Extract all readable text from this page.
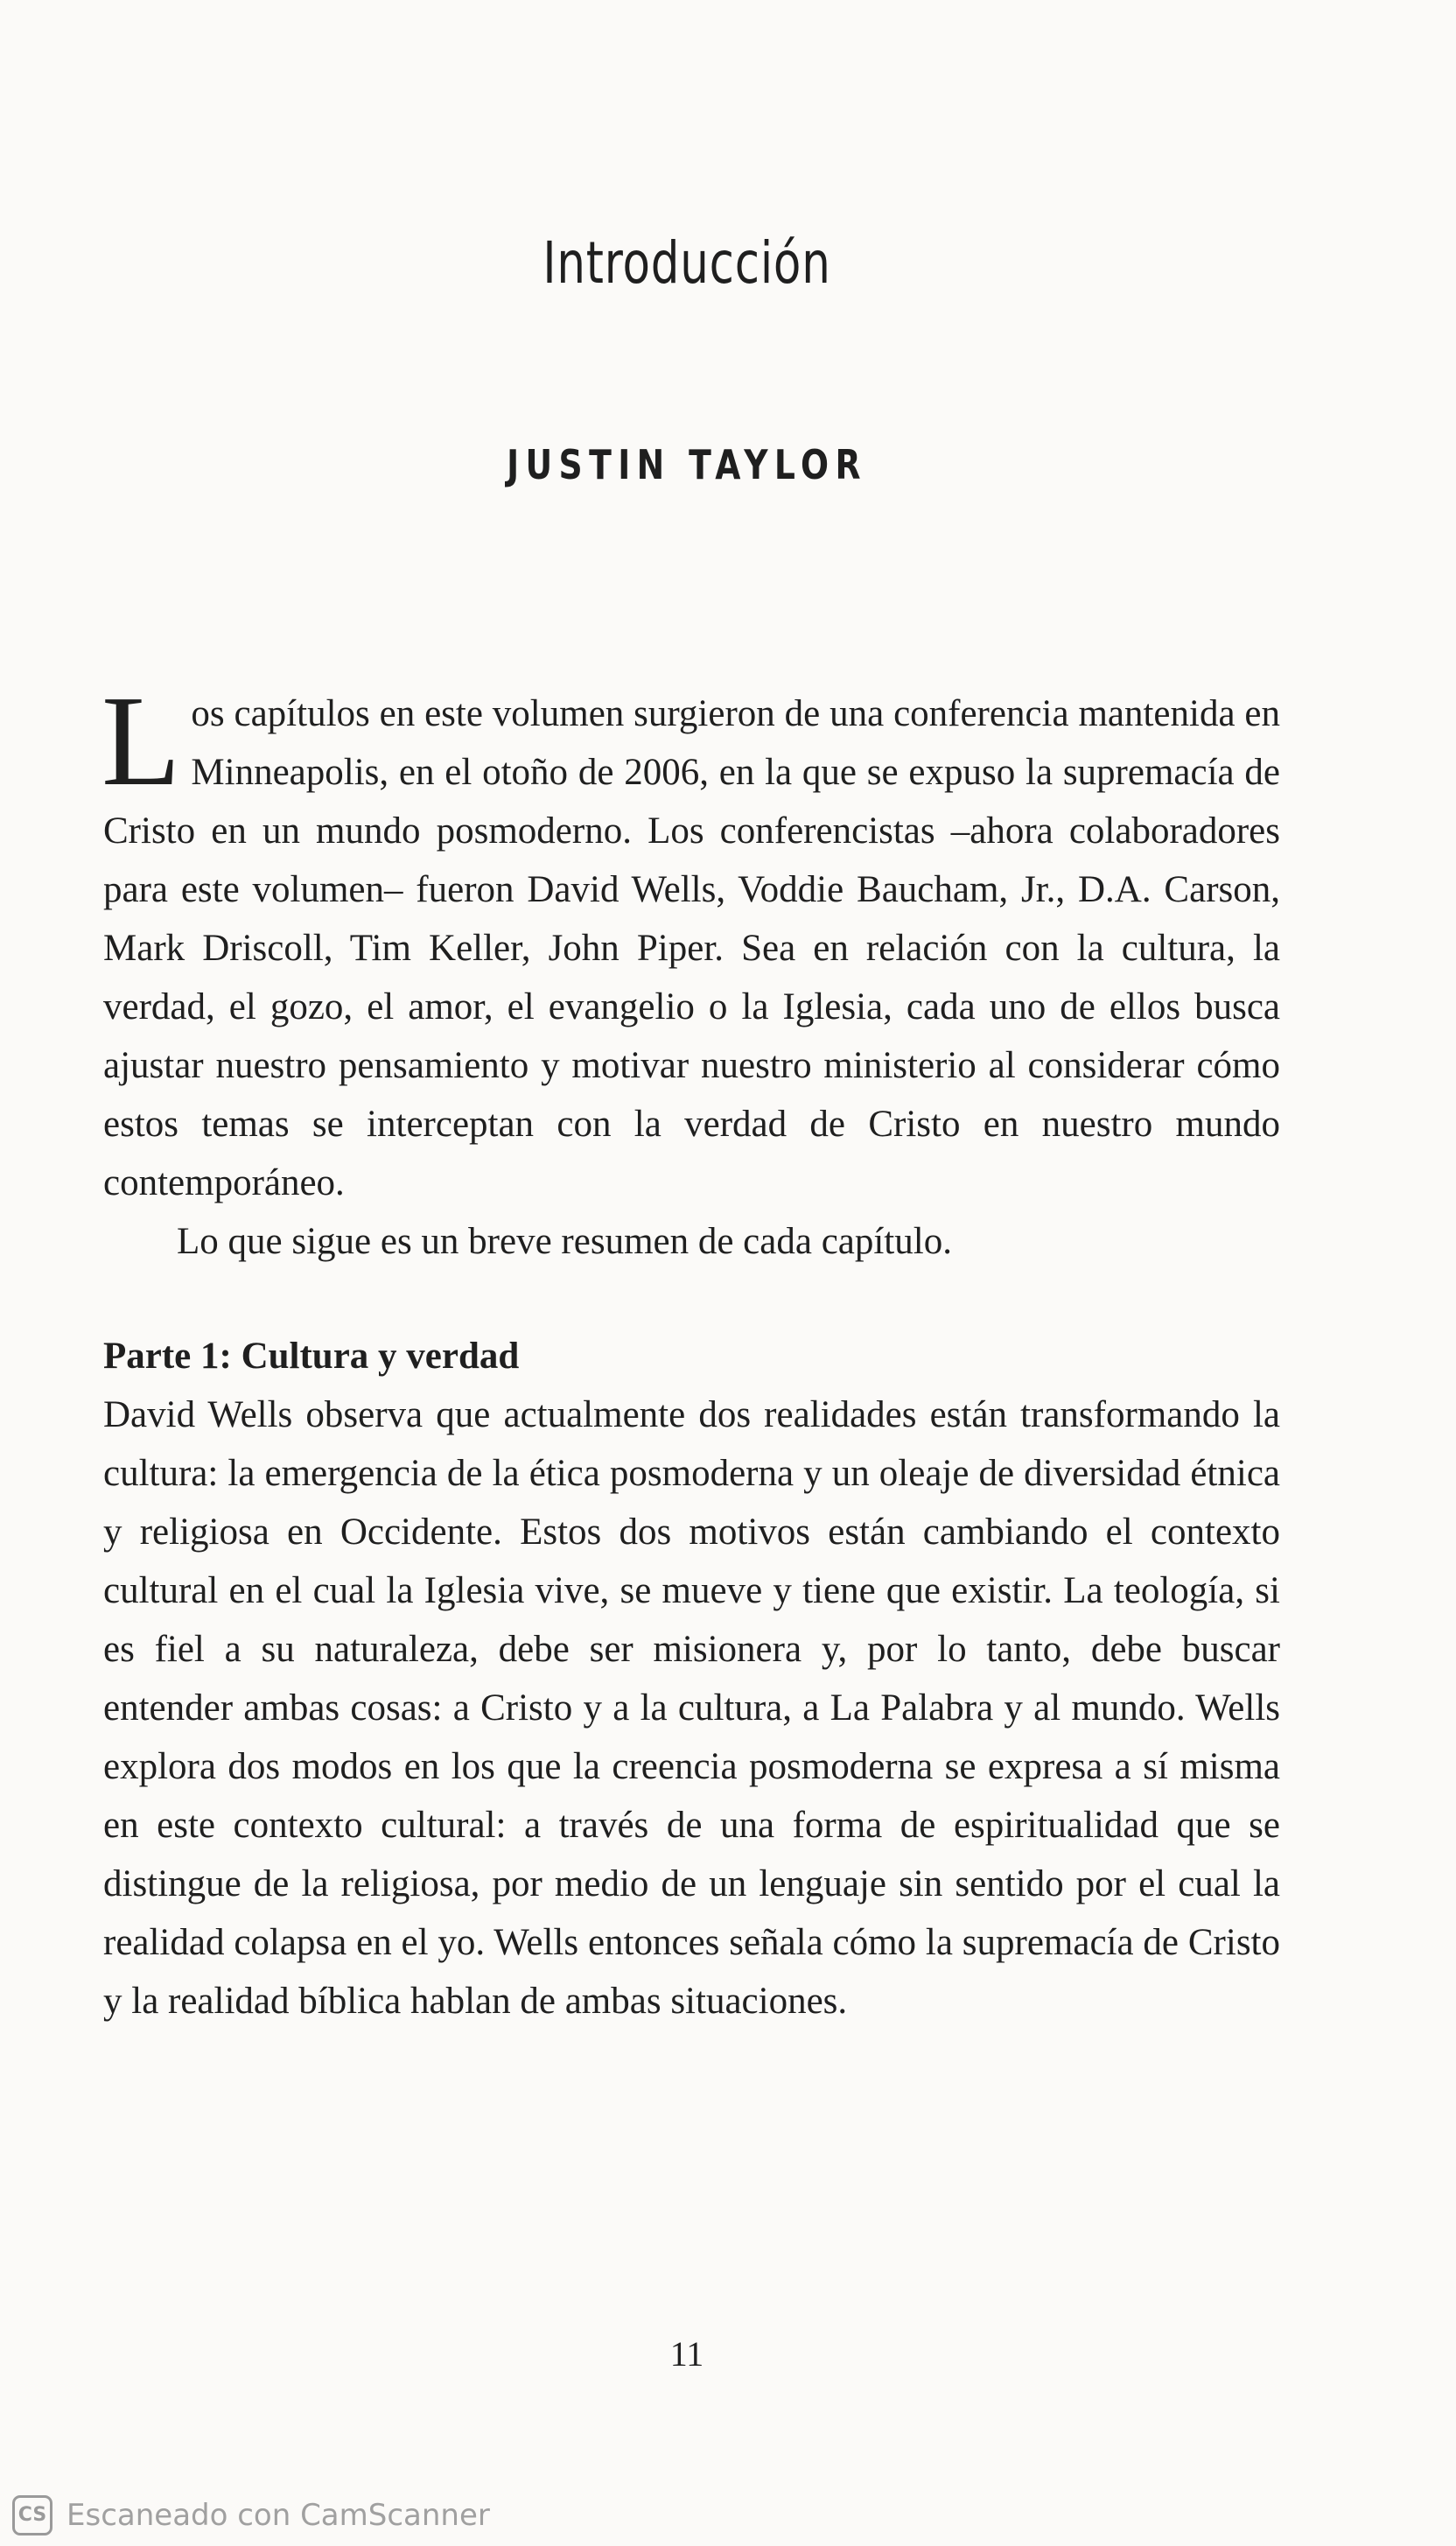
Introducción
JUSTIN TAYLOR

Los capítulos en este volumen surgieron de una conferencia mantenida en Minneapolis, en el otoño de 2006, en la que se expuso la supremacía de Cristo en un mundo posmoderno. Los conferencistas –ahora colaboradores para este volumen– fueron David Wells, Voddie Baucham, Jr., D.A. Carson, Mark Driscoll, Tim Keller, John Piper. Sea en relación con la cultura, la verdad, el gozo, el amor, el evangelio o la Iglesia, cada uno de ellos busca ajustar nuestro pensamiento y motivar nuestro ministerio al considerar cómo estos temas se interceptan con la verdad de Cristo en nuestro mundo contemporáneo.

Lo que sigue es un breve resumen de cada capítulo.

Parte 1: Cultura y verdad

David Wells observa que actualmente dos realidades están transformando la cultura: la emergencia de la ética posmoderna y un oleaje de diversidad étnica y religiosa en Occidente. Estos dos motivos están cambiando el contexto cultural en el cual la Iglesia vive, se mueve y tiene que existir. La teología, si es fiel a su naturaleza, debe ser misionera y, por lo tanto, debe buscar entender ambas cosas: a Cristo y a la cultura, a La Palabra y al mundo. Wells explora dos modos en los que la creencia posmoderna se expresa a sí misma en este contexto cultural: a través de una forma de espiritualidad que se distingue de la religiosa, por medio de un lenguaje sin sentido por el cual la realidad colapsa en el yo. Wells entonces señala cómo la supremacía de Cristo y la realidad bíblica hablan de ambas situaciones.

11
CS Escaneado con CamScanner
